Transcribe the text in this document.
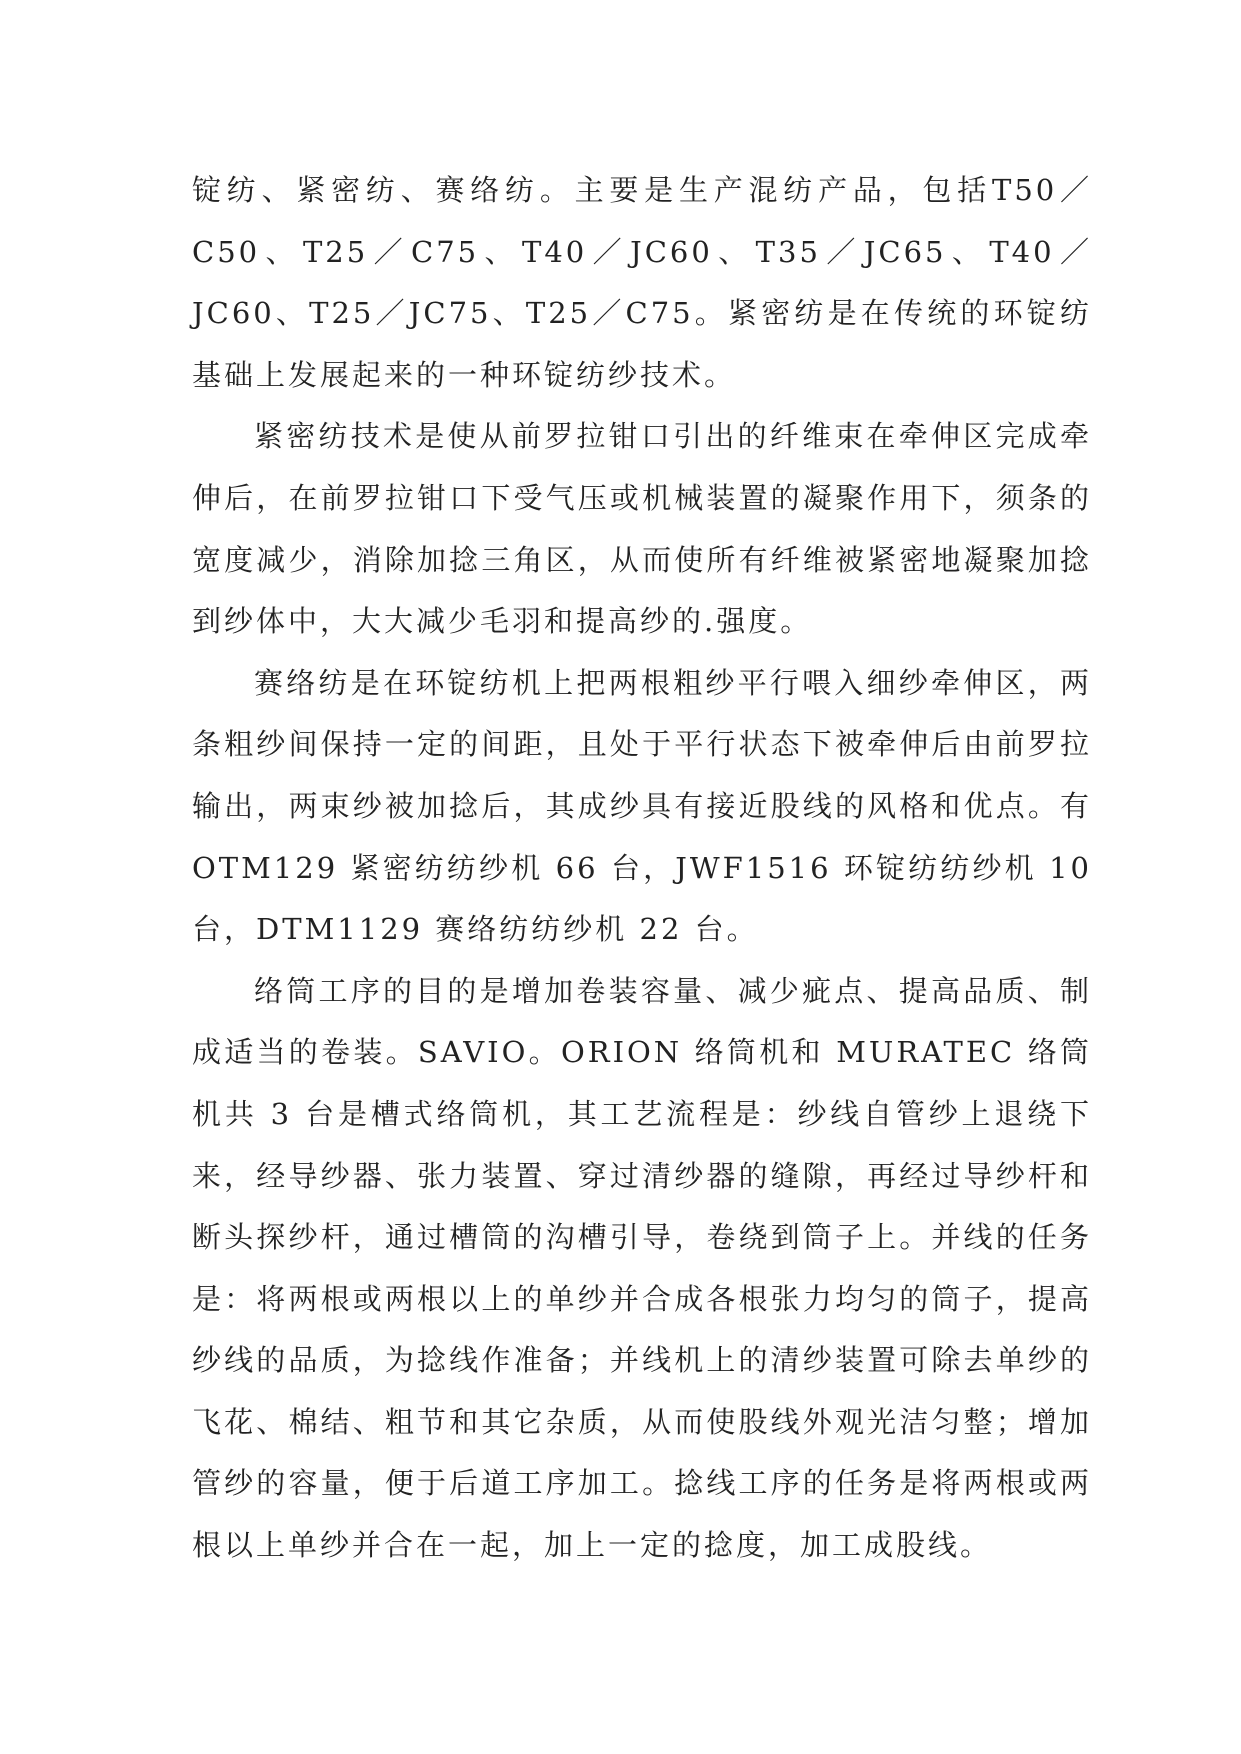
锭纺、紧密纺、赛络纺。主要是生产混纺产品，包括T50／C50、T25／C75、T40／JC60、T35／JC65、T40／JC60、T25／JC75、T25／C75。紧密纺是在传统的环锭纺基础上发展起来的一种环锭纺纱技术。

紧密纺技术是使从前罗拉钳口引出的纤维束在牵伸区完成牵伸后，在前罗拉钳口下受气压或机械装置的凝聚作用下，须条的宽度减少，消除加捻三角区，从而使所有纤维被紧密地凝聚加捻到纱体中，大大减少毛羽和提高纱的.强度。

赛络纺是在环锭纺机上把两根粗纱平行喂入细纱牵伸区，两条粗纱间保持一定的间距，且处于平行状态下被牵伸后由前罗拉输出，两束纱被加捻后，其成纱具有接近股线的风格和优点。有 OTM129 紧密纺纺纱机 66 台，JWF1516 环锭纺纺纱机 10 台，DTM1129 赛络纺纺纱机 22 台。

络筒工序的目的是增加卷装容量、减少疵点、提高品质、制成适当的卷装。SAVIO。ORION 络筒机和 MURATEC 络筒机共 3 台是槽式络筒机，其工艺流程是：纱线自管纱上退绕下来，经导纱器、张力装置、穿过清纱器的缝隙，再经过导纱杆和断头探纱杆，通过槽筒的沟槽引导，卷绕到筒子上。并线的任务是：将两根或两根以上的单纱并合成各根张力均匀的筒子，提高纱线的品质，为捻线作准备；并线机上的清纱装置可除去单纱的飞花、棉结、粗节和其它杂质，从而使股线外观光洁匀整；增加管纱的容量，便于后道工序加工。捻线工序的任务是将两根或两根以上单纱并合在一起，加上一定的捻度，加工成股线。
